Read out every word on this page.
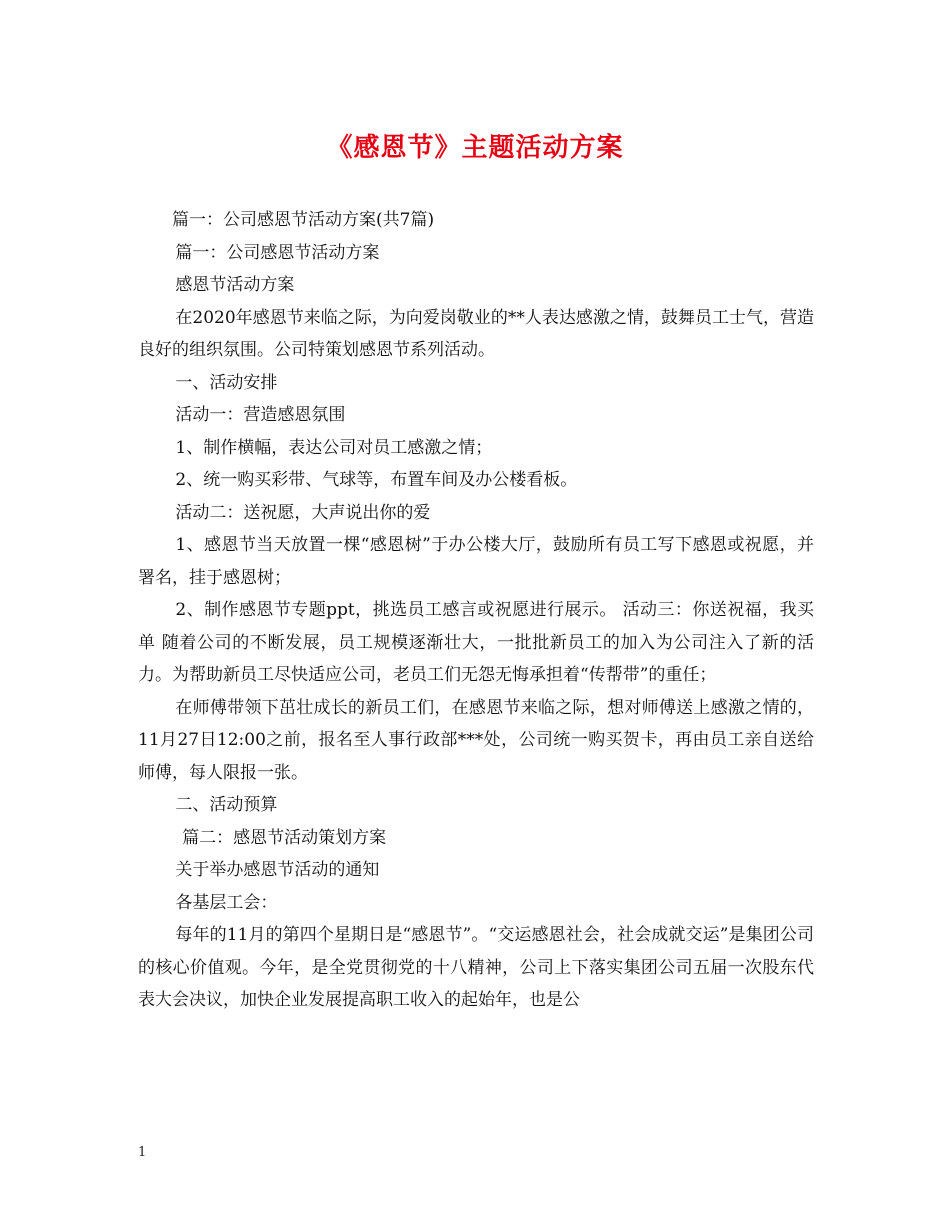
《感恩节》主题活动方案

篇一：公司感恩节活动方案(共7篇)

篇一：公司感恩节活动方案

感恩节活动方案

在2020年感恩节来临之际，为向爱岗敬业的**人表达感激之情，鼓舞员工士气，营造良好的组织氛围。公司特策划感恩节系列活动。

一、活动安排

活动一：营造感恩氛围

1、制作横幅，表达公司对员工感激之情；

2、统一购买彩带、气球等，布置车间及办公楼看板。

活动二：送祝愿，大声说出你的爱

1、感恩节当天放置一棵“感恩树”于办公楼大厅，鼓励所有员工写下感恩或祝愿，并署名，挂于感恩树；

2、制作感恩节专题ppt，挑选员工感言或祝愿进行展示。 活动三：你送祝福，我买单 随着公司的不断发展，员工规模逐渐壮大，一批批新员工的加入为公司注入了新的活力。为帮助新员工尽快适应公司，老员工们无怨无悔承担着“传帮带”的重任；

在师傅带领下茁壮成长的新员工们，在感恩节来临之际，想对师傅送上感激之情的，11月27日12:00之前，报名至人事行政部***处，公司统一购买贺卡，再由员工亲自送给师傅，每人限报一张。

二、活动预算

篇二：感恩节活动策划方案

关于举办感恩节活动的通知

各基层工会：

每年的11月的第四个星期日是“感恩节”。“交运感恩社会，社会成就交运”是集团公司的核心价值观。今年，是全党贯彻党的十八精神，公司上下落实集团公司五届一次股东代表大会决议，加快企业发展提高职工收入的起始年，也是公

1
